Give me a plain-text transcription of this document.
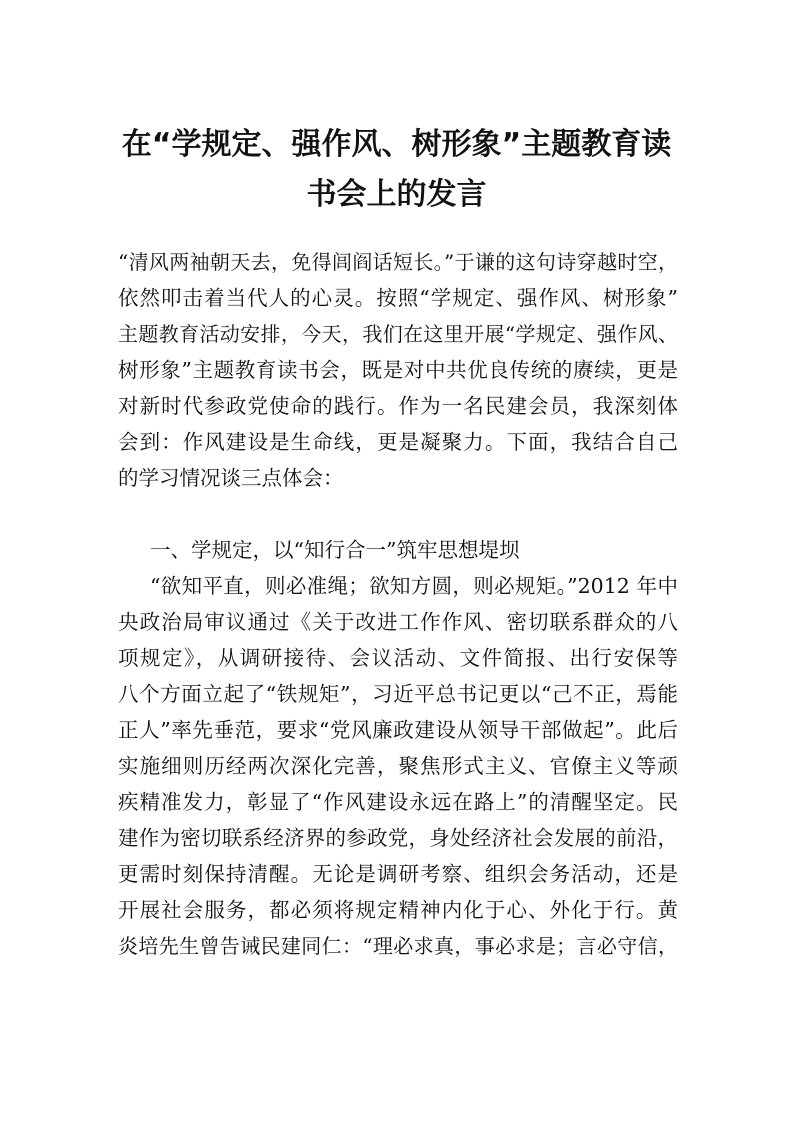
在“学规定、强作风、树形象”主题教育读
书会上的发言

“清风两袖朝天去，免得闾阎话短长。”于谦的这句诗穿越时空，

依然叩击着当代人的心灵。按照“学规定、强作风、树形象”

主题教育活动安排，今天，我们在这里开展“学规定、强作风、

树形象”主题教育读书会，既是对中共优良传统的赓续，更是

对新时代参政党使命的践行。作为一名民建会员，我深刻体

会到：作风建设是生命线，更是凝聚力。下面，我结合自己

的学习情况谈三点体会：

一、学规定，以“知行合一”筑牢思想堤坝

“欲知平直，则必准绳；欲知方圆，则必规矩。”2012 年中

央政治局审议通过《关于改进工作作风、密切联系群众的八

项规定》，从调研接待、会议活动、文件简报、出行安保等

八个方面立起了“铁规矩”，习近平总书记更以“己不正，焉能

正人”率先垂范，要求“党风廉政建设从领导干部做起”。此后

实施细则历经两次深化完善，聚焦形式主义、官僚主义等顽

疾精准发力，彰显了“作风建设永远在路上”的清醒坚定。民

建作为密切联系经济界的参政党，身处经济社会发展的前沿，

更需时刻保持清醒。无论是调研考察、组织会务活动，还是

开展社会服务，都必须将规定精神内化于心、外化于行。黄

炎培先生曾告诫民建同仁：“理必求真，事必求是；言必守信，
